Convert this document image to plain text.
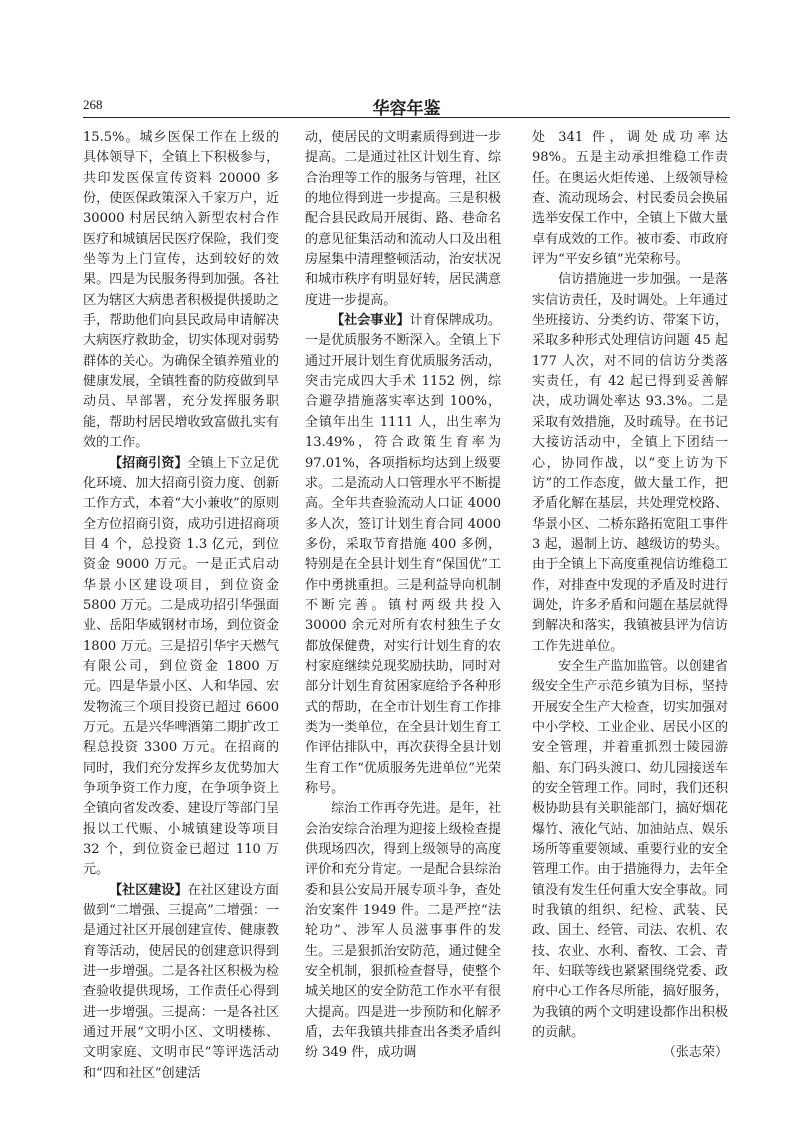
268	华容年鉴

15.5%。城乡医保工作在上级的具体领导下，全镇上下积极参与，共印发医保宣传资料 20000 多份，使医保政策深入千家万户，近 30000 村居民纳入新型农村合作医疗和城镇居民医疗保险，我们变坐等为上门宣传，达到较好的效果。四是为民服务得到加强。各社区为辖区大病患者积极提供援助之手，帮助他们向县民政局申请解决大病医疗救助金，切实体现对弱势群体的关心。为确保全镇养殖业的健康发展，全镇牲畜的防疫做到早动员、早部署，充分发挥服务职能，帮助村居民增收致富做扎实有效的工作。

【招商引资】全镇上下立足优化环境、加大招商引资力度、创新工作方式，本着“大小兼收”的原则全方位招商引资，成功引进招商项目 4 个，总投资 1.3 亿元，到位资金 9000 万元。一是正式启动华景小区建设项目，到位资金 5800 万元。二是成功招引华强面业、岳阳华威钢材市场，到位资金 1800 万元。三是招引华宇天燃气有限公司，到位资金 1800 万元。四是华景小区、人和华园、宏发物流三个项目投资已超过 6600 万元。五是兴华啤酒第二期扩改工程总投资 3300 万元。在招商的同时，我们充分发挥乡友优势加大争项争资工作力度，在争项争资上全镇向省发改委、建设厅等部门呈报以工代赈、小城镇建设等项目 32 个，到位资金已超过 110 万元。

【社区建设】在社区建设方面做到“二增强、三提高”二增强：一是通过社区开展创建宣传、健康教育等活动，使居民的创建意识得到进一步增强。二是各社区积极为检查验收提供现场，工作责任心得到进一步增强。三提高：一是各社区通过开展“文明小区、文明楼栋、文明家庭、文明市民”等评选活动和“四和社区”创建活

动，使居民的文明素质得到进一步提高。二是通过社区计划生育、综合治理等工作的服务与管理，社区的地位得到进一步提高。三是积极配合县民政局开展街、路、巷命名的意见征集活动和流动人口及出租房屋集中清理整顿活动，治安状况和城市秩序有明显好转，居民满意度进一步提高。

【社会事业】计育保牌成功。一是优质服务不断深入。全镇上下通过开展计划生育优质服务活动，突击完成四大手术 1152 例，综合避孕措施落实率达到 100%，全镇年出生 1111 人，出生率为13.49%，符合政策生育率为 97.01%，各项指标均达到上级要求。二是流动人口管理水平不断提高。全年共查验流动人口证 4000 多人次，签订计划生育合同 4000 多份，采取节育措施 400 多例，特别是在全县计划生育“保国优”工作中勇挑重担。三是利益导向机制不断完善。镇村两级共投入 30000 余元对所有农村独生子女都放保健费，对实行计划生育的农村家庭继续兑现奖励扶助，同时对部分计划生育贫困家庭给予各种形式的帮助，在全市计划生育工作排类为一类单位，在全县计划生育工作评估排队中，再次获得全县计划生育工作“优质服务先进单位”光荣称号。

综治工作再夺先进。是年，社会治安综合治理为迎接上级检查提供现场四次，得到上级领导的高度评价和充分肯定。一是配合县综治委和县公安局开展专项斗争，查处治安案件 1949 件。二是严控“法轮功”、涉军人员滋事事件的发生。三是狠抓治安防范，通过健全安全机制，狠抓检查督导，使整个城关地区的安全防范工作水平有很大提高。四是进一步预防和化解矛盾，去年我镇共排查出各类矛盾纠纷 349 件，成功调

处 341 件，调处成功率达 98%。五是主动承担维稳工作责任。在奥运火炬传递、上级领导检查、流动现场会、村民委员会换届选举安保工作中，全镇上下做大量卓有成效的工作。被市委、市政府评为“平安乡镇”光荣称号。

信访措施进一步加强。一是落实信访责任，及时调处。上年通过坐班接访、分类约访、带案下访，采取多种形式处理信访问题 45 起 177 人次，对不同的信访分类落实责任，有 42 起已得到妥善解决，成功调处率达 93.3%。二是采取有效措施，及时疏导。在书记大接访活动中，全镇上下团结一心，协同作战，以“变上访为下访”的工作态度，做大量工作，把矛盾化解在基层，共处理党校路、华景小区、二桥东路拓宽阻工事件 3 起，遏制上访、越级访的势头。由于全镇上下高度重视信访维稳工作，对排查中发现的矛盾及时进行调处，许多矛盾和问题在基层就得到解决和落实，我镇被县评为信访工作先进单位。

安全生产监加监管。以创建省级安全生产示范乡镇为目标，坚持开展安全生产大检查，切实加强对中小学校、工业企业、居民小区的安全管理，并着重抓烈士陵园游船、东门码头渡口、幼儿园接送车的安全管理工作。同时，我们还积极协助县有关职能部门，搞好烟花爆竹、液化气站、加油站点、娱乐场所等重要领域、重要行业的安全管理工作。由于措施得力，去年全镇没有发生任何重大安全事故。同时我镇的组织、纪检、武装、民政、国土、经管、司法、农机、农技、农业、水利、畜牧、工会、青年、妇联等线也紧紧围绕党委、政府中心工作各尽所能，搞好服务，为我镇的两个文明建设都作出积极的贡献。

（张志荣）
